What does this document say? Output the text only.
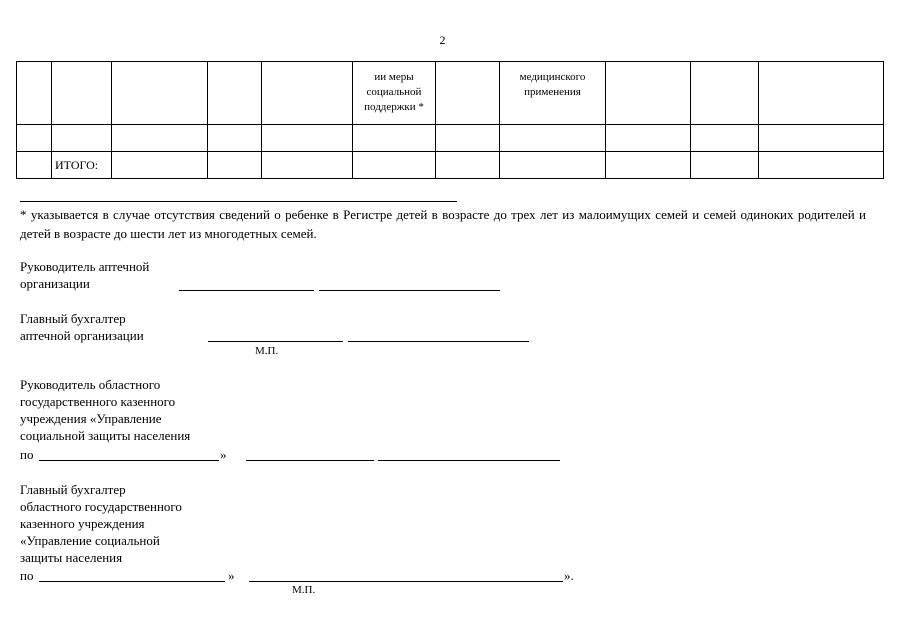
2
					ии меры социальной поддержки *		медицинского применения			

	ИТОГО:									
* указывается в случае отсутствия сведений о ребенке в Регистре детей в возрасте до трех лет из малоимущих семей и семей одиноких родителей и детей в возрасте до шести лет из многодетных семей.
Руководитель аптечной
организации
Главный бухгалтер
аптечной организации
М.П.
Руководитель областного
государственного казенного
учреждения «Управление
социальной защиты населения
по	»
Главный бухгалтер
областного государственного
казенного учреждения
«Управление социальной
защиты населения
по	»	».
М.П.
